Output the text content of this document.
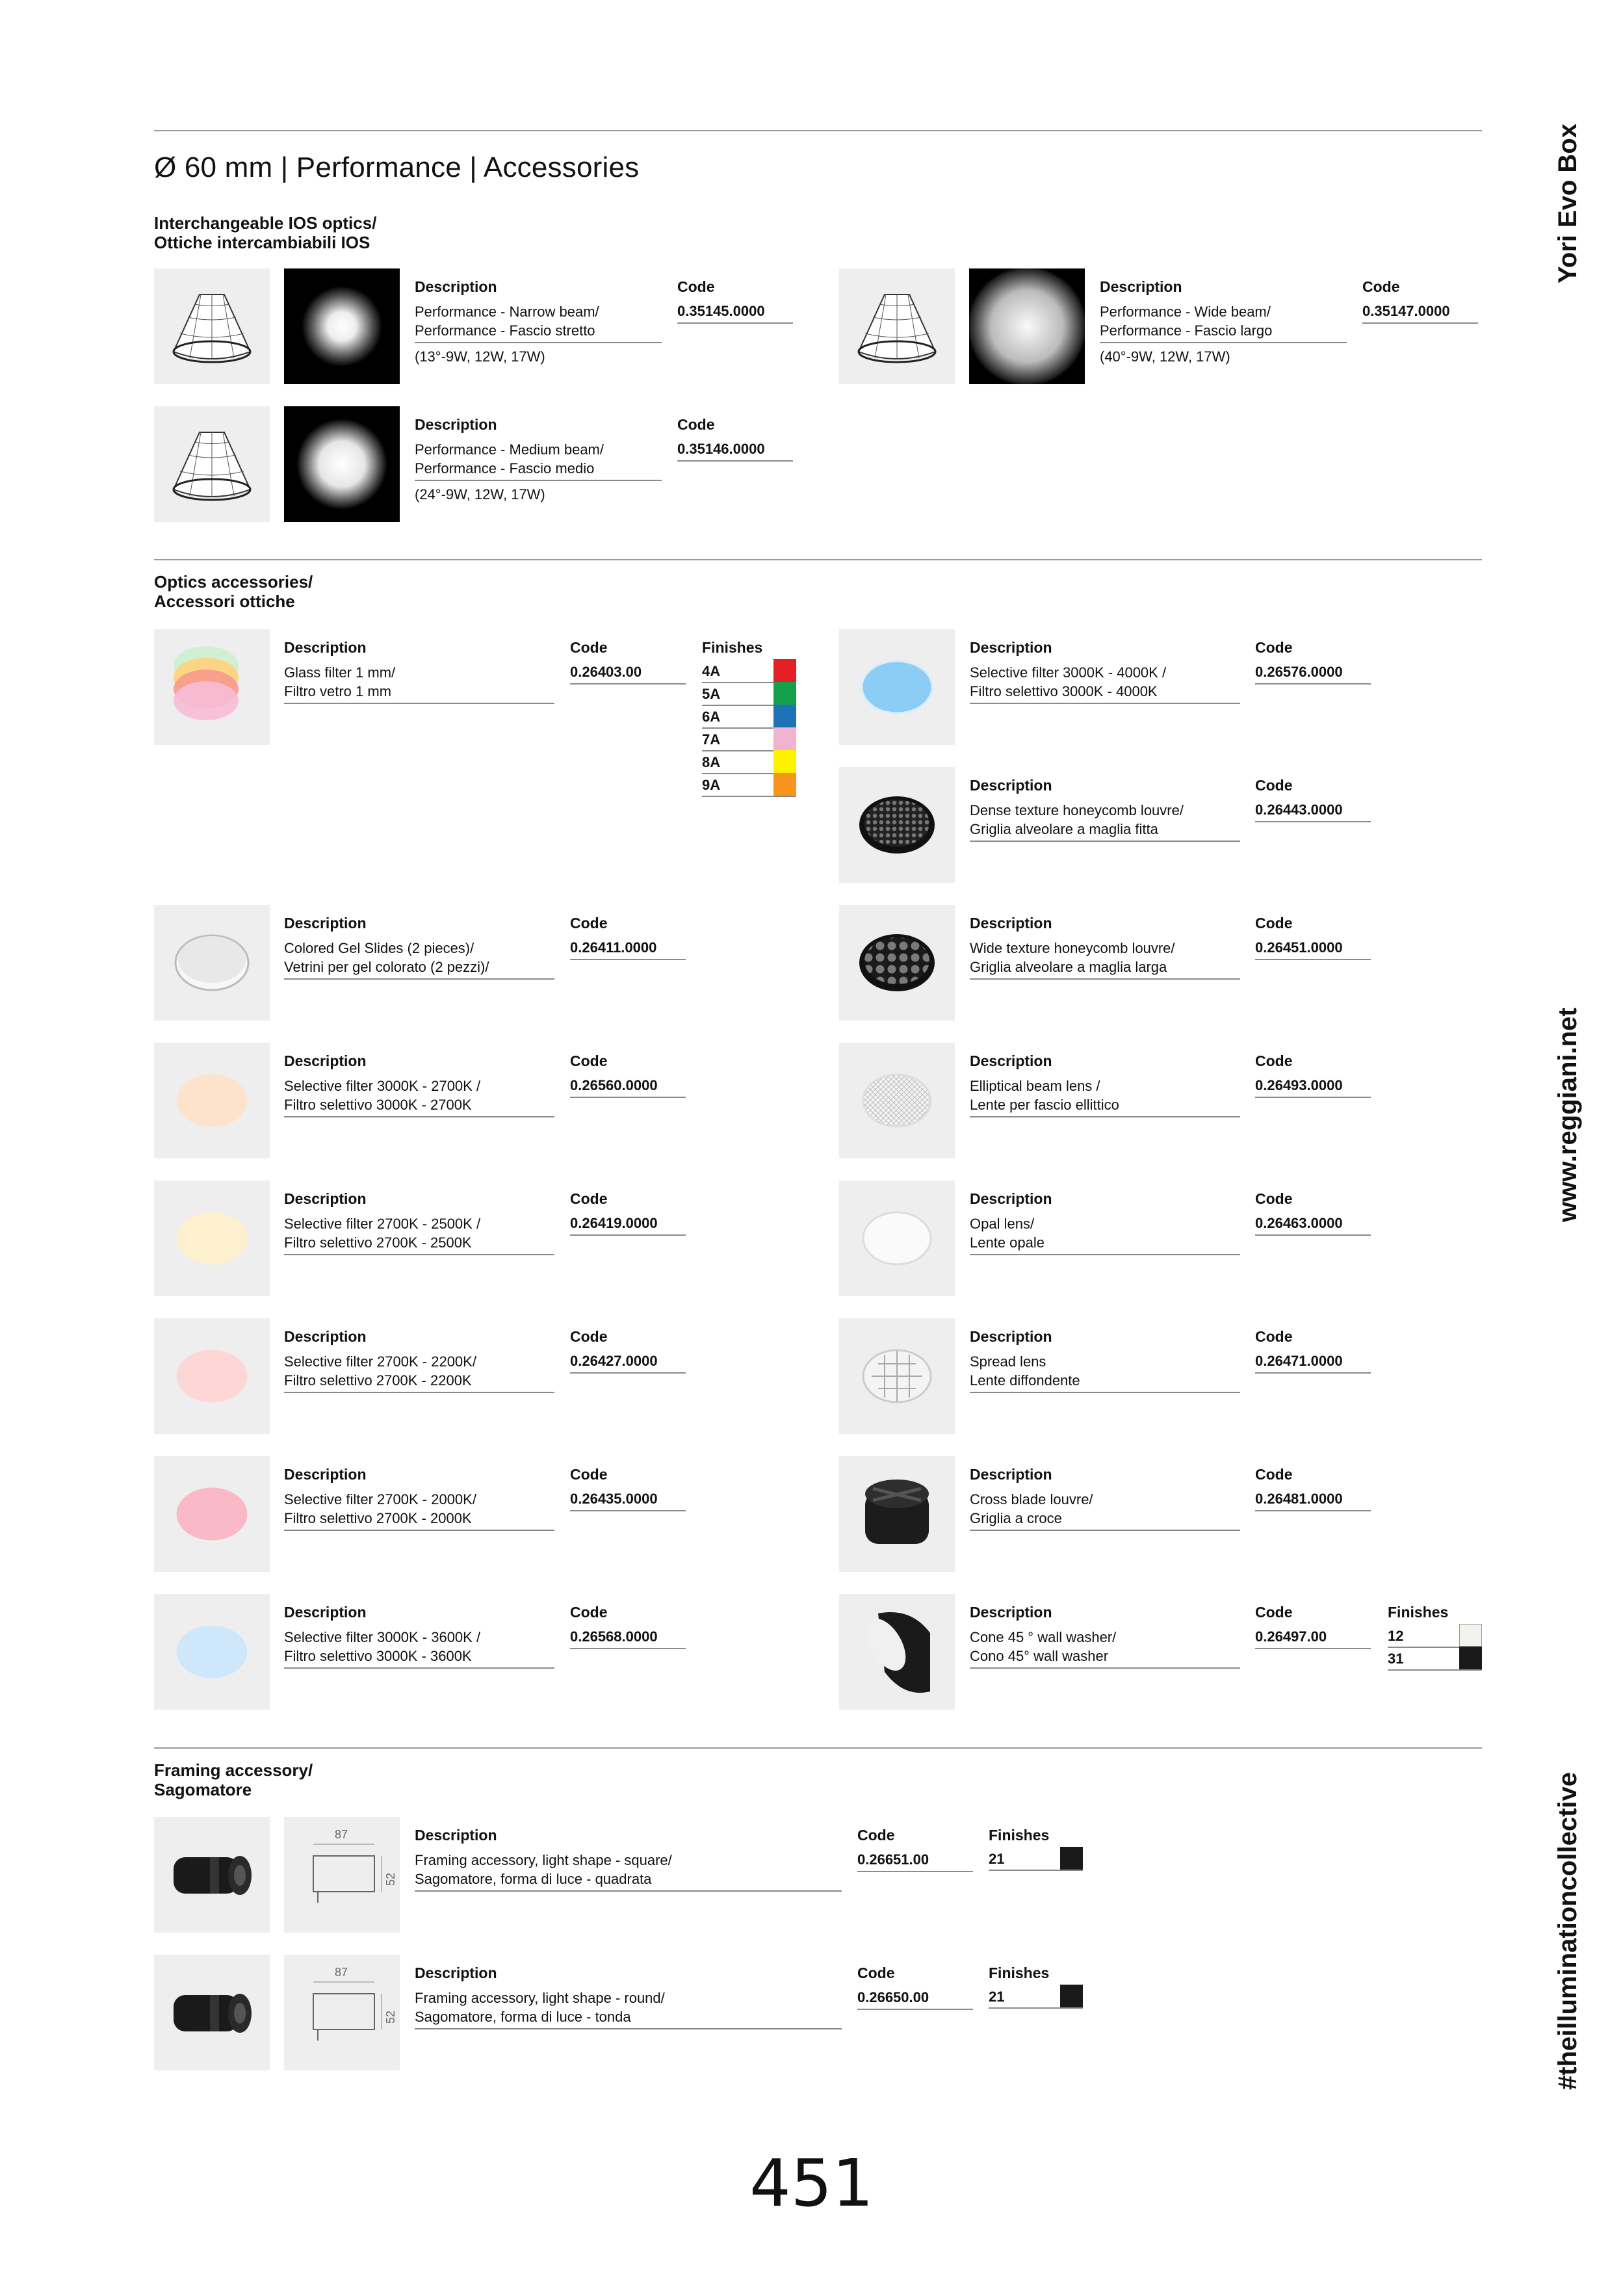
Ø 60 mm | Performance | Accessories	Yori Evo Box
www.reggiani.net
#theilluminationcollective
Interchangeable IOS optics/
Ottiche intercambiabili IOS
Description
Performance - Narrow beam/
Performance - Fascio stretto
(13°-9W, 12W, 17W)
Code
0.35145.0000
Description
Performance - Wide beam/
Performance - Fascio largo
(40°-9W, 12W, 17W)
Code
0.35147.0000
Description
Performance - Medium beam/
Performance - Fascio medio
(24°-9W, 12W, 17W)
Code
0.35146.0000
Optics accessories/
Accessori ottiche
Description
Glass filter 1 mm/
Filtro vetro 1 mm
Code
0.26403.00
Finishes
4A
5A
6A
7A
8A
9A
Description
Colored Gel Slides (2 pieces)/
Vetrini per gel colorato (2 pezzi)/
Code
0.26411.0000
Description
Selective filter 3000K - 2700K /
Filtro selettivo 3000K - 2700K
Code
0.26560.0000
Description
Selective filter 2700K - 2500K /
Filtro selettivo 2700K - 2500K
Code
0.26419.0000
Description
Selective filter 2700K - 2200K/
Filtro selettivo 2700K - 2200K
Code
0.26427.0000
Description
Selective filter 2700K - 2000K/
Filtro selettivo 2700K - 2000K
Code
0.26435.0000
Description
Selective filter 3000K - 3600K /
Filtro selettivo 3000K - 3600K
Code
0.26568.0000
Description
Selective filter 3000K - 4000K /
Filtro selettivo 3000K - 4000K
Code
0.26576.0000
Description
Dense texture honeycomb louvre/
Griglia alveolare a maglia fitta
Code
0.26443.0000
Description
Wide texture honeycomb louvre/
Griglia alveolare a maglia larga
Code
0.26451.0000
Description
Elliptical beam lens /
Lente per fascio ellittico
Code
0.26493.0000
Description
Opal lens/
Lente opale
Code
0.26463.0000
Description
Spread lens
Lente diffondente
Code
0.26471.0000
Description
Cross blade louvre/
Griglia a croce
Code
0.26481.0000
Description
Cone 45 ° wall washer/
Cono 45° wall washer
Code
0.26497.00
Finishes
12
31
Framing accessory/
Sagomatore
87
52
Description
Framing accessory, light shape - square/
Sagomatore, forma di luce - quadrata
Code
0.26651.00
Finishes
21
87
52
Description
Framing accessory, light shape - round/
Sagomatore, forma di luce - tonda
Code
0.26650.00
Finishes
21
451
